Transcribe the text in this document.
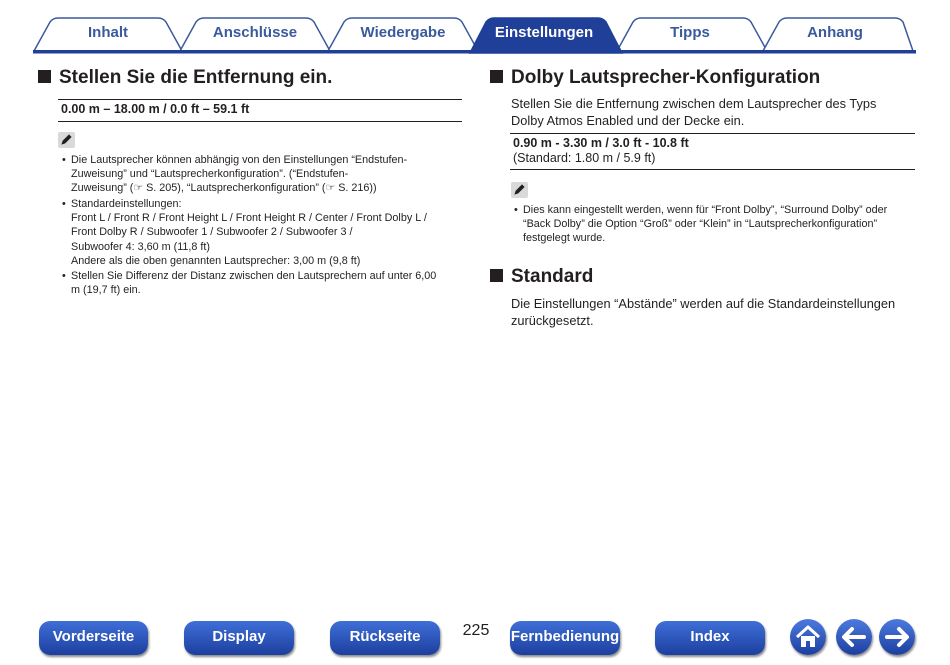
Inhalt	Anschlüsse	Wiedergabe	Einstellungen	Tipps	Anhang
Stellen Sie die Entfernung ein.
0.00 m – 18.00 m / 0.0 ft – 59.1 ft
• Die Lautsprecher können abhängig von den Einstellungen “Endstufen-
Zuweisung” und “Lautsprecherkonfiguration”. (“Endstufen-
Zuweisung” (☞ S. 205), “Lautsprecherkonfiguration” (☞ S. 216))
• Standardeinstellungen:
Front L / Front R / Front Height L / Front Height R / Center / Front Dolby L /
Front Dolby R / Subwoofer 1 / Subwoofer 2 / Subwoofer 3 /
Subwoofer 4: 3,60 m (11,8 ft)
Andere als die oben genannten Lautsprecher: 3,00 m (9,8 ft)
• Stellen Sie Differenz der Distanz zwischen den Lautsprechern auf unter 6,00
m (19,7 ft) ein.
Dolby Lautsprecher-Konfiguration
Stellen Sie die Entfernung zwischen dem Lautsprecher des Typs
Dolby Atmos Enabled und der Decke ein.
0.90 m - 3.30 m / 3.0 ft - 10.8 ft
(Standard: 1.80 m / 5.9 ft)
• Dies kann eingestellt werden, wenn für “Front Dolby”, “Surround Dolby” oder
“Back Dolby” die Option “Groß” oder “Klein” in “Lautsprecherkonfiguration”
festgelegt wurde.
Standard
Die Einstellungen “Abstände” werden auf die Standardeinstellungen
zurückgesetzt.
Vorderseite	Display	Rückseite	225	Fernbedienung	Index
